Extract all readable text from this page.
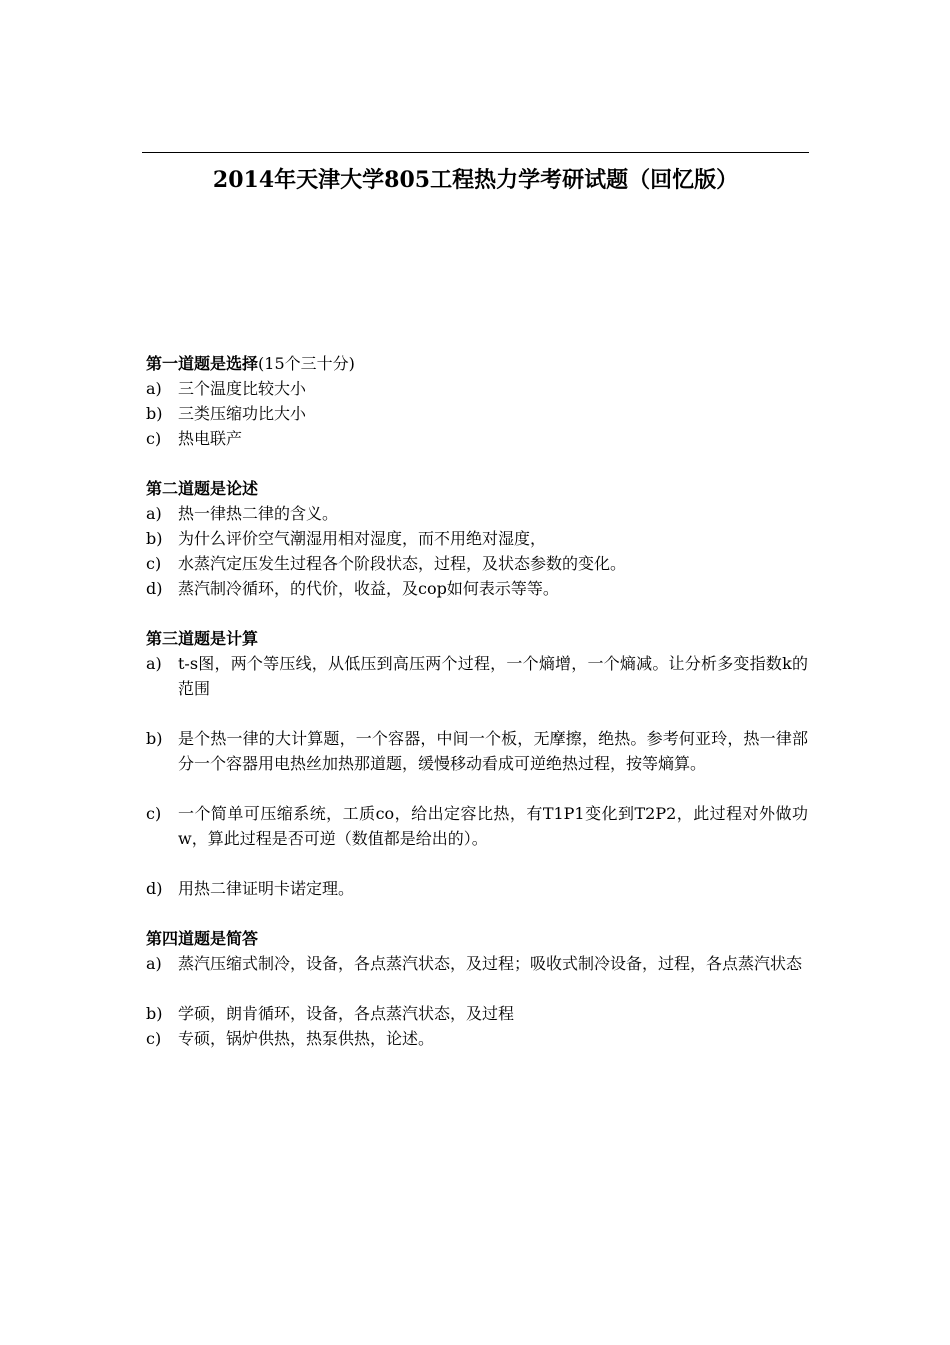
2014年天津大学805工程热力学考研试题（回忆版）

第一道题是选择(15个三十分)

a)	三个温度比较大小
b) 三类压缩功比大小
c)	热电联产

第二道题是论述

a)	热一律热二律的含义。
b) 为什么评价空气潮湿用相对湿度，而不用绝对湿度，
c)	水蒸汽定压发生过程各个阶段状态，过程，及状态参数的变化。
d) 蒸汽制冷循环，的代价，收益，及cop如何表示等等。

第三道题是计算

a)	t-s图，两个等压线，从低压到高压两个过程，一个熵增，一个熵减。让分析多变指数k的范围
b) 是个热一律的大计算题，一个容器，中间一个板，无摩擦，绝热。参考何亚玲，热一律部分一个容器用电热丝加热那道题，缓慢移动看成可逆绝热过程，按等熵算。
c)	一个简单可压缩系统，工质co，给出定容比热，有T1P1变化到T2P2，此过程对外做功w，算此过程是否可逆（数值都是给出的）。
d) 用热二律证明卡诺定理。

第四道题是简答

a)	蒸汽压缩式制冷，设备，各点蒸汽状态，及过程；吸收式制冷设备，过程，各点蒸汽状态
b) 学硕，朗肯循环，设备，各点蒸汽状态，及过程
c)	专硕，锅炉供热，热泵供热，论述。
